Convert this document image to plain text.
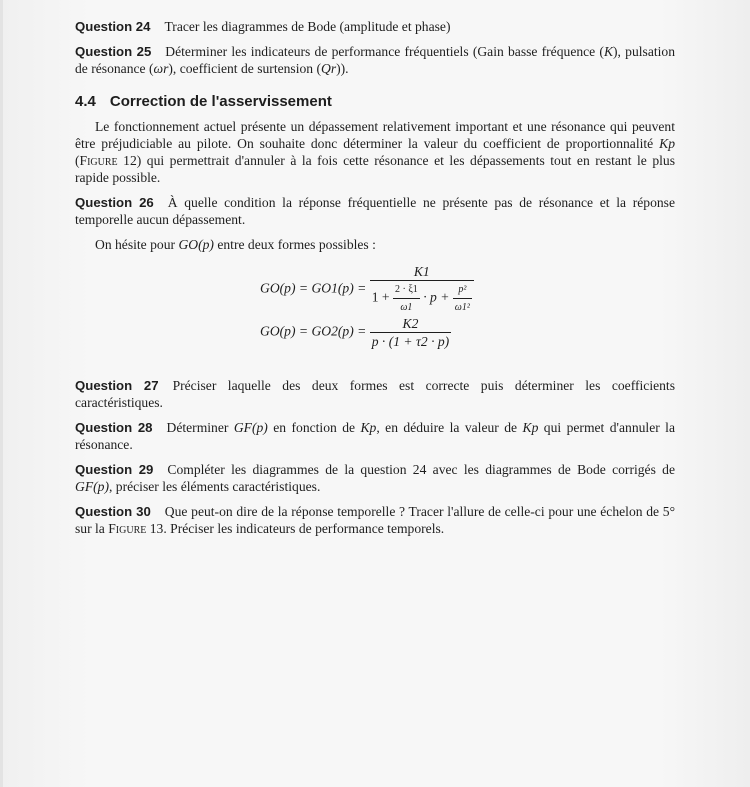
Question 24 Tracer les diagrammes de Bode (amplitude et phase)

Question 25 Déterminer les indicateurs de performance fréquentiels (Gain basse fréquence (K), pulsation de résonance (ωr), coefficient de surtension (Qr)).

4.4 Correction de l'asservissement

Le fonctionnement actuel présente un dépassement relativement important et une résonance qui peuvent être préjudiciable au pilote. On souhaite donc déterminer la valeur du coefficient de proportionnalité Kp (Figure 12) qui permettrait d'annuler à la fois cette résonance et les dépassements tout en restant le plus rapide possible.

Question 26 À quelle condition la réponse fréquentielle ne présente pas de résonance et la réponse temporelle aucun dépassement.

On hésite pour GO(p) entre deux formes possibles :

GO(p) = GO1(p) =
K1
$1 + \frac{2 \cdot \xi 1}{\omega 1} \cdot p + \frac{\text{p²}}{\text{ω1²}}$
$GO(p) = GO2(p) = \frac{K2}{p \cdot (1 + \tau 2 \cdot p)}$

Question 27 Préciser laquelle des deux formes est correcte puis déterminer les coefficients caractéristiques.

Question 28 Déterminer GF(p) en fonction de Kp, en déduire la valeur de Kp qui permet d'annuler la résonance.

Question 29 Compléter les diagrammes de la question 24 avec les diagrammes de Bode corrigés de GF(p), préciser les éléments caractéristiques.

Question 30 Que peut-on dire de la réponse temporelle ? Tracer l'allure de celle-ci pour une échelon de 5° sur la Figure 13. Préciser les indicateurs de performance temporels.
